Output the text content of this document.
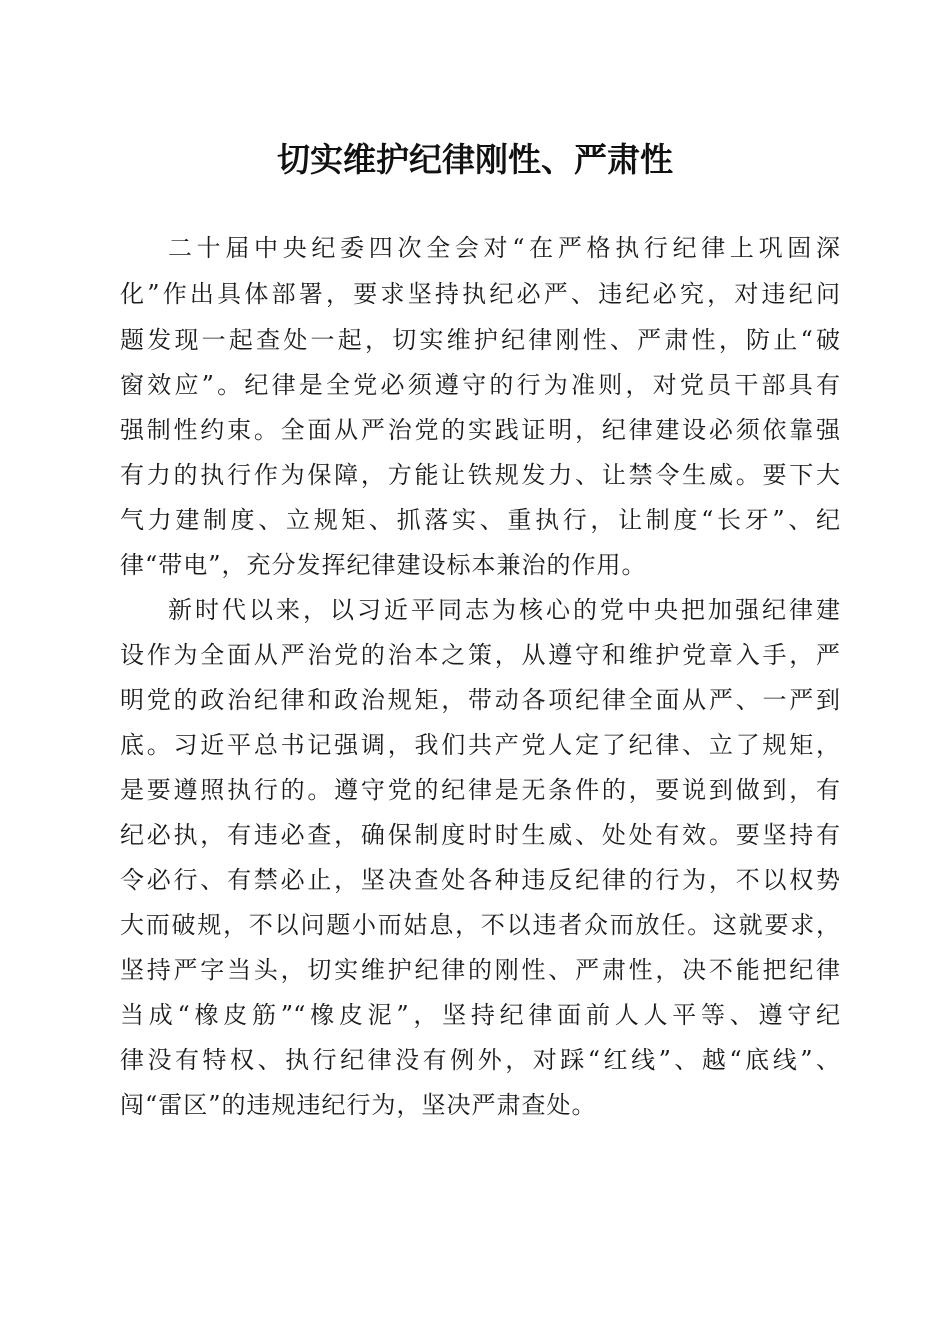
切实维护纪律刚性、严肃性
二十届中央纪委四次全会对“在严格执行纪律上巩固深
化”作出具体部署，要求坚持执纪必严、违纪必究，对违纪问
题发现一起查处一起，切实维护纪律刚性、严肃性，防止“破
窗效应”。纪律是全党必须遵守的行为准则，对党员干部具有
强制性约束。全面从严治党的实践证明，纪律建设必须依靠强
有力的执行作为保障，方能让铁规发力、让禁令生威。要下大
气力建制度、立规矩、抓落实、重执行，让制度“长牙”、纪
律“带电”，充分发挥纪律建设标本兼治的作用。
新时代以来，以习近平同志为核心的党中央把加强纪律建
设作为全面从严治党的治本之策，从遵守和维护党章入手，严
明党的政治纪律和政治规矩，带动各项纪律全面从严、一严到
底。习近平总书记强调，我们共产党人定了纪律、立了规矩，
是要遵照执行的。遵守党的纪律是无条件的，要说到做到，有
纪必执，有违必查，确保制度时时生威、处处有效。要坚持有
令必行、有禁必止，坚决查处各种违反纪律的行为，不以权势
大而破规，不以问题小而姑息，不以违者众而放任。这就要求，
坚持严字当头，切实维护纪律的刚性、严肃性，决不能把纪律
当成“橡皮筋”“橡皮泥”，坚持纪律面前人人平等、遵守纪
律没有特权、执行纪律没有例外，对踩“红线”、越“底线”、
闯“雷区”的违规违纪行为，坚决严肃查处。
